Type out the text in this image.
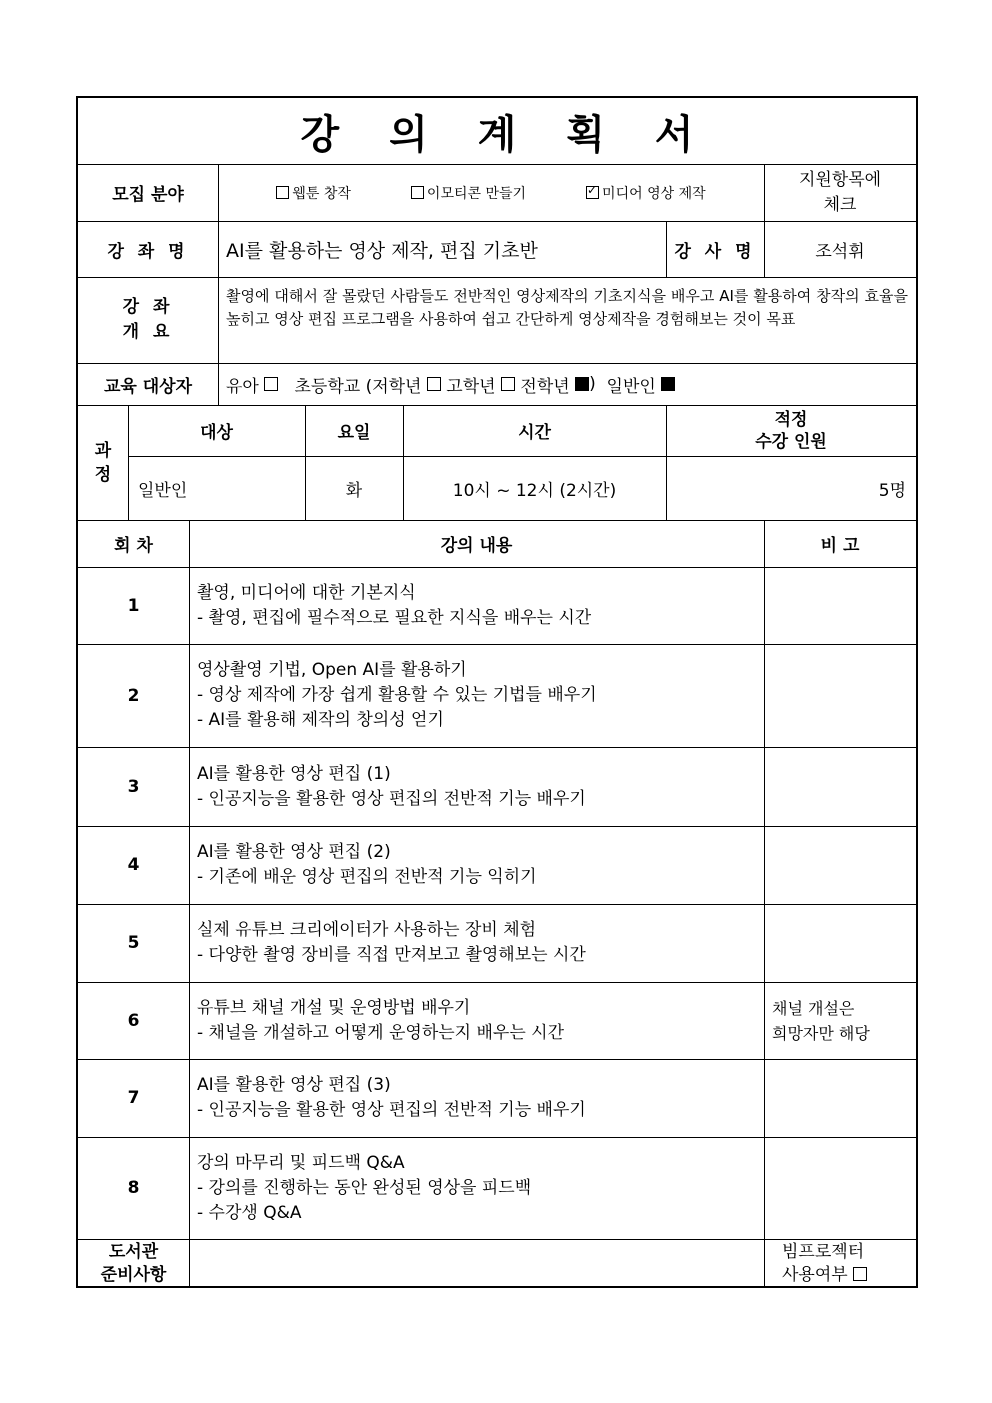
강 의 계 획 서
모집 분야	웹툰 창작	이모티콘 만들기
✓	미디어 영상 제작
지원항목에
체크
강 좌 명	AI를 활용하는 영상 제작, 편집 기초반	강 사 명	조석휘
강 좌
개 요
촬영에 대해서 잘 몰랐던 사람들도 전반적인 영상제작의 기초지식을 배우고 AI를 활용하여 창작의 효율을 높히고 영상 편집 프로그램을 사용하여 쉽고 간단하게 영상제작을 경험해보는 것이 목표
교육 대상자	유아

초등학교 (저학년

고학년

전학년
) 일반인

과
정
대상	요일	시간
적정
수강 인원
일반인	화	10시 ~ 12시 (2시간)	5명
회 차	강의 내용	비 고
1
촬영, 미디어에 대한 기본지식
- 촬영, 편집에 필수적으로 필요한 지식을 배우는 시간
2
영상촬영 기법, Open AI를 활용하기
- 영상 제작에 가장 쉽게 활용할 수 있는 기법들 배우기
- AI를 활용해 제작의 창의성 얻기
3
AI를 활용한 영상 편집 (1)
- 인공지능을 활용한 영상 편집의 전반적 기능 배우기
4
AI를 활용한 영상 편집 (2)
- 기존에 배운 영상 편집의 전반적 기능 익히기
5
실제 유튜브 크리에이터가 사용하는 장비 체험
- 다양한 촬영 장비를 직접 만져보고 촬영해보는 시간
6
유튜브 채널 개설 및 운영방법 배우기
- 채널을 개설하고 어떻게 운영하는지 배우는 시간
채널 개설은
희망자만 해당
7
AI를 활용한 영상 편집 (3)
- 인공지능을 활용한 영상 편집의 전반적 기능 배우기
8
강의 마무리 및 피드백 Q&A
- 강의를 진행하는 동안 완성된 영상을 피드백
- 수강생 Q&A
도서관
준비사항
빔프로젝터
사용여부
